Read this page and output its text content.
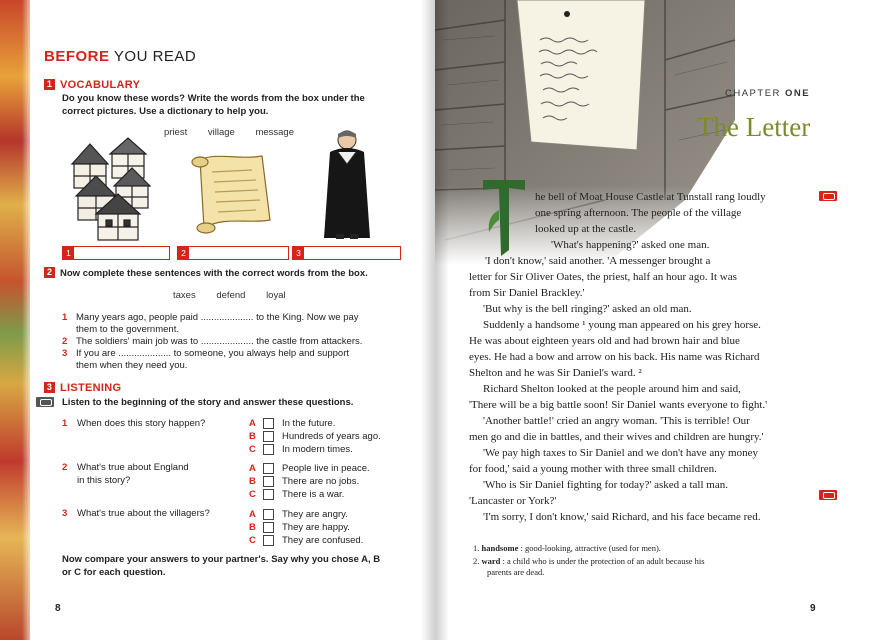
BEFORE YOU READ
1 VOCABULARY
Do you know these words? Write the words from the box under the
correct pictures. Use a dictionary to help you.
priest village message
1	2	3
2 Now complete these sentences with the correct words from the box.
taxes defend loyal
1 Many years ago, people paid .................... to the King. Now we pay
them to the government.
2 The soldiers' main job was to .................... the castle from attackers.
3 If you are .................... to someone, you always help and support
them when they need you.
3 LISTENING
Listen to the beginning of the story and answer these questions.
1 When does this story happen?	A	In the future.
B	Hundreds of years ago.
C	In modern times.
2 What's true about England
in this story?
A	People live in peace.
B	There are no jobs.
C	There is a war.
3 What's true about the villagers?	A	They are angry.
B	They are happy.
C	They are confused.
Now compare your answers to your partner's. Say why you chose A, B
or C for each question.
8
CHAPTER ONE
The Letter
he bell of Moat House Castle at Tunstall rang loudly
one spring afternoon. The people of the village
looked up at the castle.
'What's happening?' asked one man.
'I don't know,' said another. 'A messenger brought a
letter for Sir Oliver Oates, the priest, half an hour ago. It was
from Sir Daniel Brackley.'
'But why is the bell ringing?' asked an old man.
Suddenly a handsome ¹ young man appeared on his grey horse.
He was about eighteen years old and had brown hair and blue
eyes. He had a bow and arrow on his back. His name was Richard
Shelton and he was Sir Daniel's ward. ²
Richard Shelton looked at the people around him and said,
'There will be a big battle soon! Sir Daniel wants everyone to fight.'
'Another battle!' cried an angry woman. 'This is terrible! Our
men go and die in battles, and their wives and children are hungry.'
'We pay high taxes to Sir Daniel and we don't have any money
for food,' said a young mother with three small children.
'Who is Sir Daniel fighting for today?' asked a tall man.
'Lancaster or York?'
'I'm sorry, I don't know,' said Richard, and his face became red.
1. handsome : good-looking, attractive (used for men).
2. ward : a child who is under the protection of an adult because his
parents are dead.
9
